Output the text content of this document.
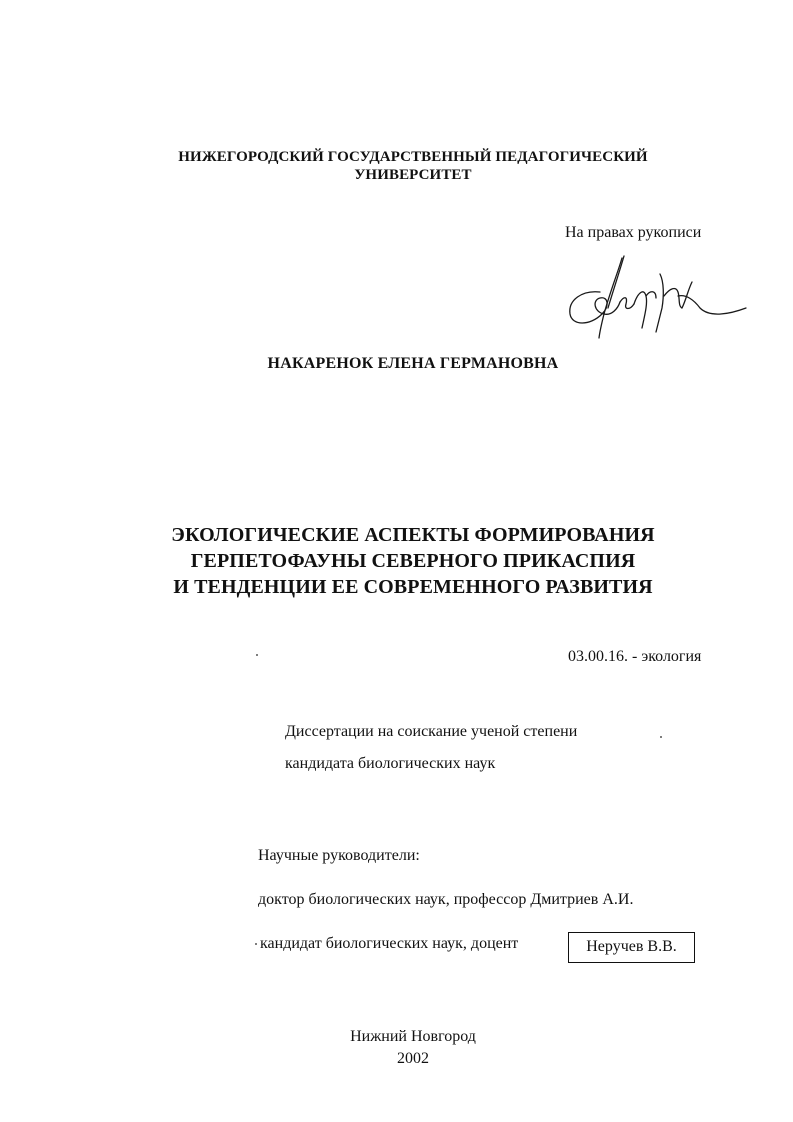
НИЖЕГОРОДСКИЙ ГОСУДАРСТВЕННЫЙ ПЕДАГОГИЧЕСКИЙ
УНИВЕРСИТЕТ
На правах рукописи
НАКАРЕНОК ЕЛЕНА ГЕРМАНОВНА
ЭКОЛОГИЧЕСКИЕ АСПЕКТЫ ФОРМИРОВАНИЯ
ГЕРПЕТОФАУНЫ СЕВЕРНОГО ПРИКАСПИЯ
И ТЕНДЕНЦИИ ЕЕ СОВРЕМЕННОГО РАЗВИТИЯ
03.00.16. - экология
Диссертации на соискание ученой степени
кандидата биологических наук
Научные руководители:
доктор биологических наук, профессор Дмитриев А.И.
кандидат биологических наук, доцент	Неручев В.В.
Нижний Новгород
2002
